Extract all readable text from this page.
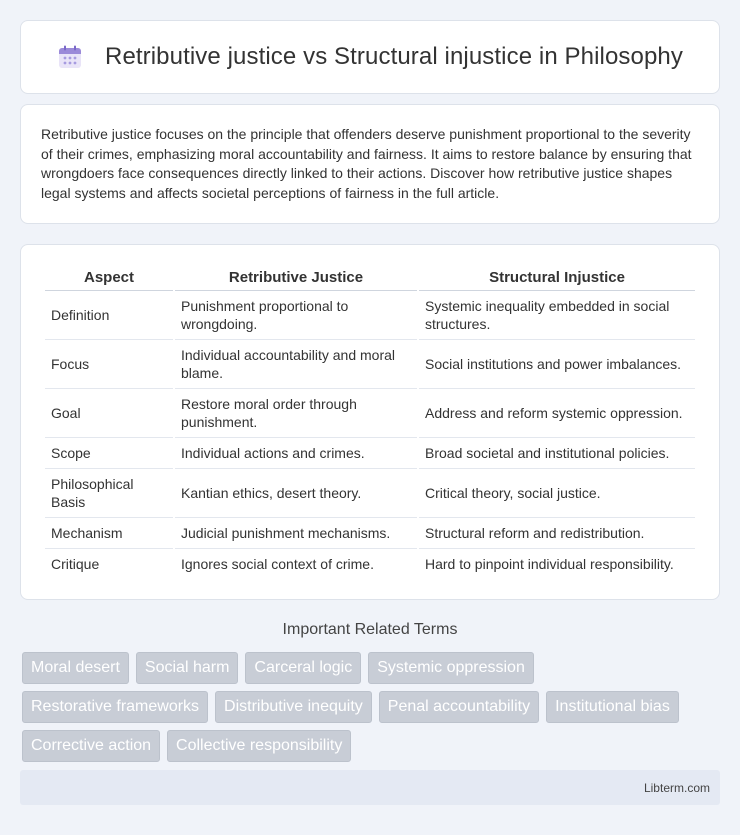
Retributive justice vs Structural injustice in Philosophy

Retributive justice focuses on the principle that offenders deserve punishment proportional to the severity of their crimes, emphasizing moral accountability and fairness. It aims to restore balance by ensuring that wrongdoers face consequences directly linked to their actions. Discover how retributive justice shapes legal systems and affects societal perceptions of fairness in the full article.

Aspect	Retributive Justice	Structural Injustice
Definition	Punishment proportional to wrongdoing.	Systemic inequality embedded in social structures.
Focus	Individual accountability and moral blame.	Social institutions and power imbalances.
Goal	Restore moral order through punishment.	Address and reform systemic oppression.
Scope	Individual actions and crimes.	Broad societal and institutional policies.
Philosophical Basis	Kantian ethics, desert theory.	Critical theory, social justice.
Mechanism	Judicial punishment mechanisms.	Structural reform and redistribution.
Critique	Ignores social context of crime.	Hard to pinpoint individual responsibility.
Important Related Terms
Moral desert	Social harm	Carceral logic	Systemic oppression
Restorative frameworks	Distributive inequity	Penal accountability	Institutional bias
Corrective action	Collective responsibility
Libterm.com
